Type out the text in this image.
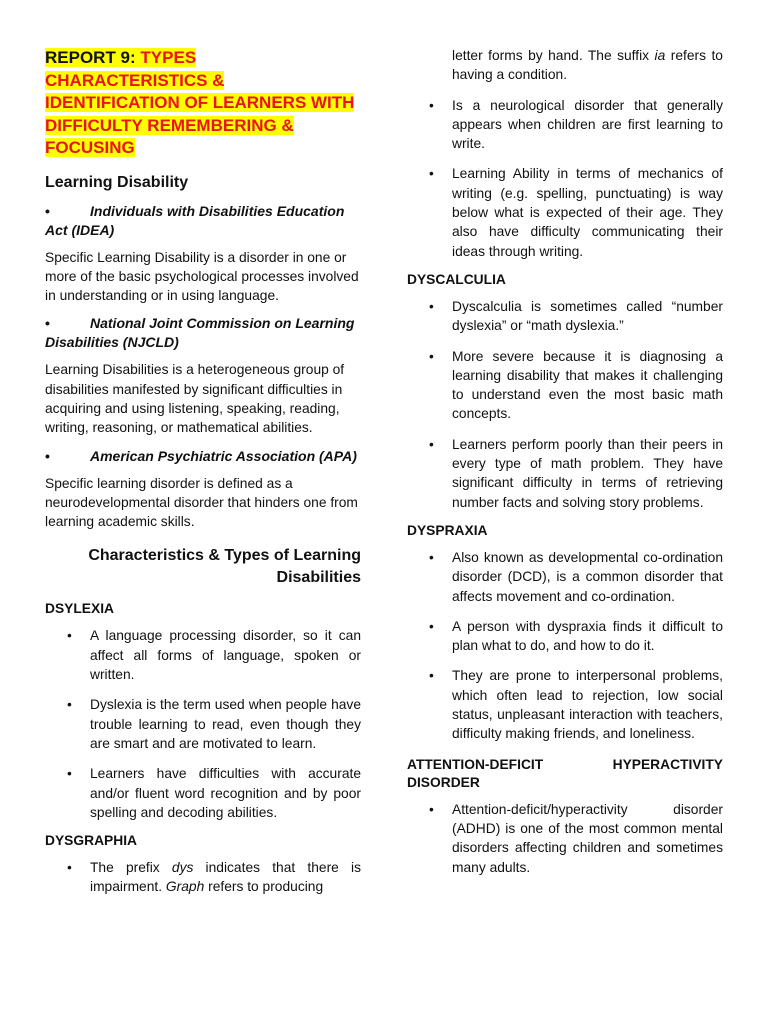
REPORT 9: TYPES CHARACTERISTICS & IDENTIFICATION OF LEARNERS WITH DIFFICULTY REMEMBERING & FOCUSING
Learning Disability
•	Individuals with Disabilities Education Act (IDEA)

Specific Learning Disability is a disorder in one or more of the basic psychological processes involved in understanding or in using language.

•	National Joint Commission on Learning Disabilities (NJCLD)

Learning Disabilities is a heterogeneous group of disabilities manifested by significant difficulties in acquiring and using listening, speaking, reading, writing, reasoning, or mathematical abilities.

•	American Psychiatric Association (APA)

Specific learning disorder is defined as a neurodevelopmental disorder that hinders one from learning academic skills.

Characteristics & Types of Learning Disabilities
DSYLEXIA
• A language processing disorder, so it can affect all forms of language, spoken or written.
• Dyslexia is the term used when people have trouble learning to read, even though they are smart and are motivated to learn.
• Learners have difficulties with accurate and/or fluent word recognition and by poor spelling and decoding abilities.
DYSGRAPHIA
• The prefix dys indicates that there is impairment. Graph refers to producing
letter forms by hand. The suffix ia refers to having a condition.
• Is a neurological disorder that generally appears when children are first learning to write.
• Learning Ability in terms of mechanics of writing (e.g. spelling, punctuating) is way below what is expected of their age. They also have difficulty communicating their ideas through writing.
DYSCALCULIA
• Dyscalculia is sometimes called “number dyslexia” or “math dyslexia.”
• More severe because it is diagnosing a learning disability that makes it challenging to understand even the most basic math concepts.
• Learners perform poorly than their peers in every type of math problem. They have significant difficulty in terms of retrieving number facts and solving story problems.
DYSPRAXIA
• Also known as developmental co-ordination disorder (DCD), is a common disorder that affects movement and co-ordination.
• A person with dyspraxia finds it difficult to plan what to do, and how to do it.
• They are prone to interpersonal problems, which often lead to rejection, low social status, unpleasant interaction with teachers, difficulty making friends, and loneliness.
ATTENTION-DEFICIT HYPERACTIVITY
DISORDER
• Attention-deficit/hyperactivity disorder (ADHD) is one of the most common mental disorders affecting children and sometimes many adults.
